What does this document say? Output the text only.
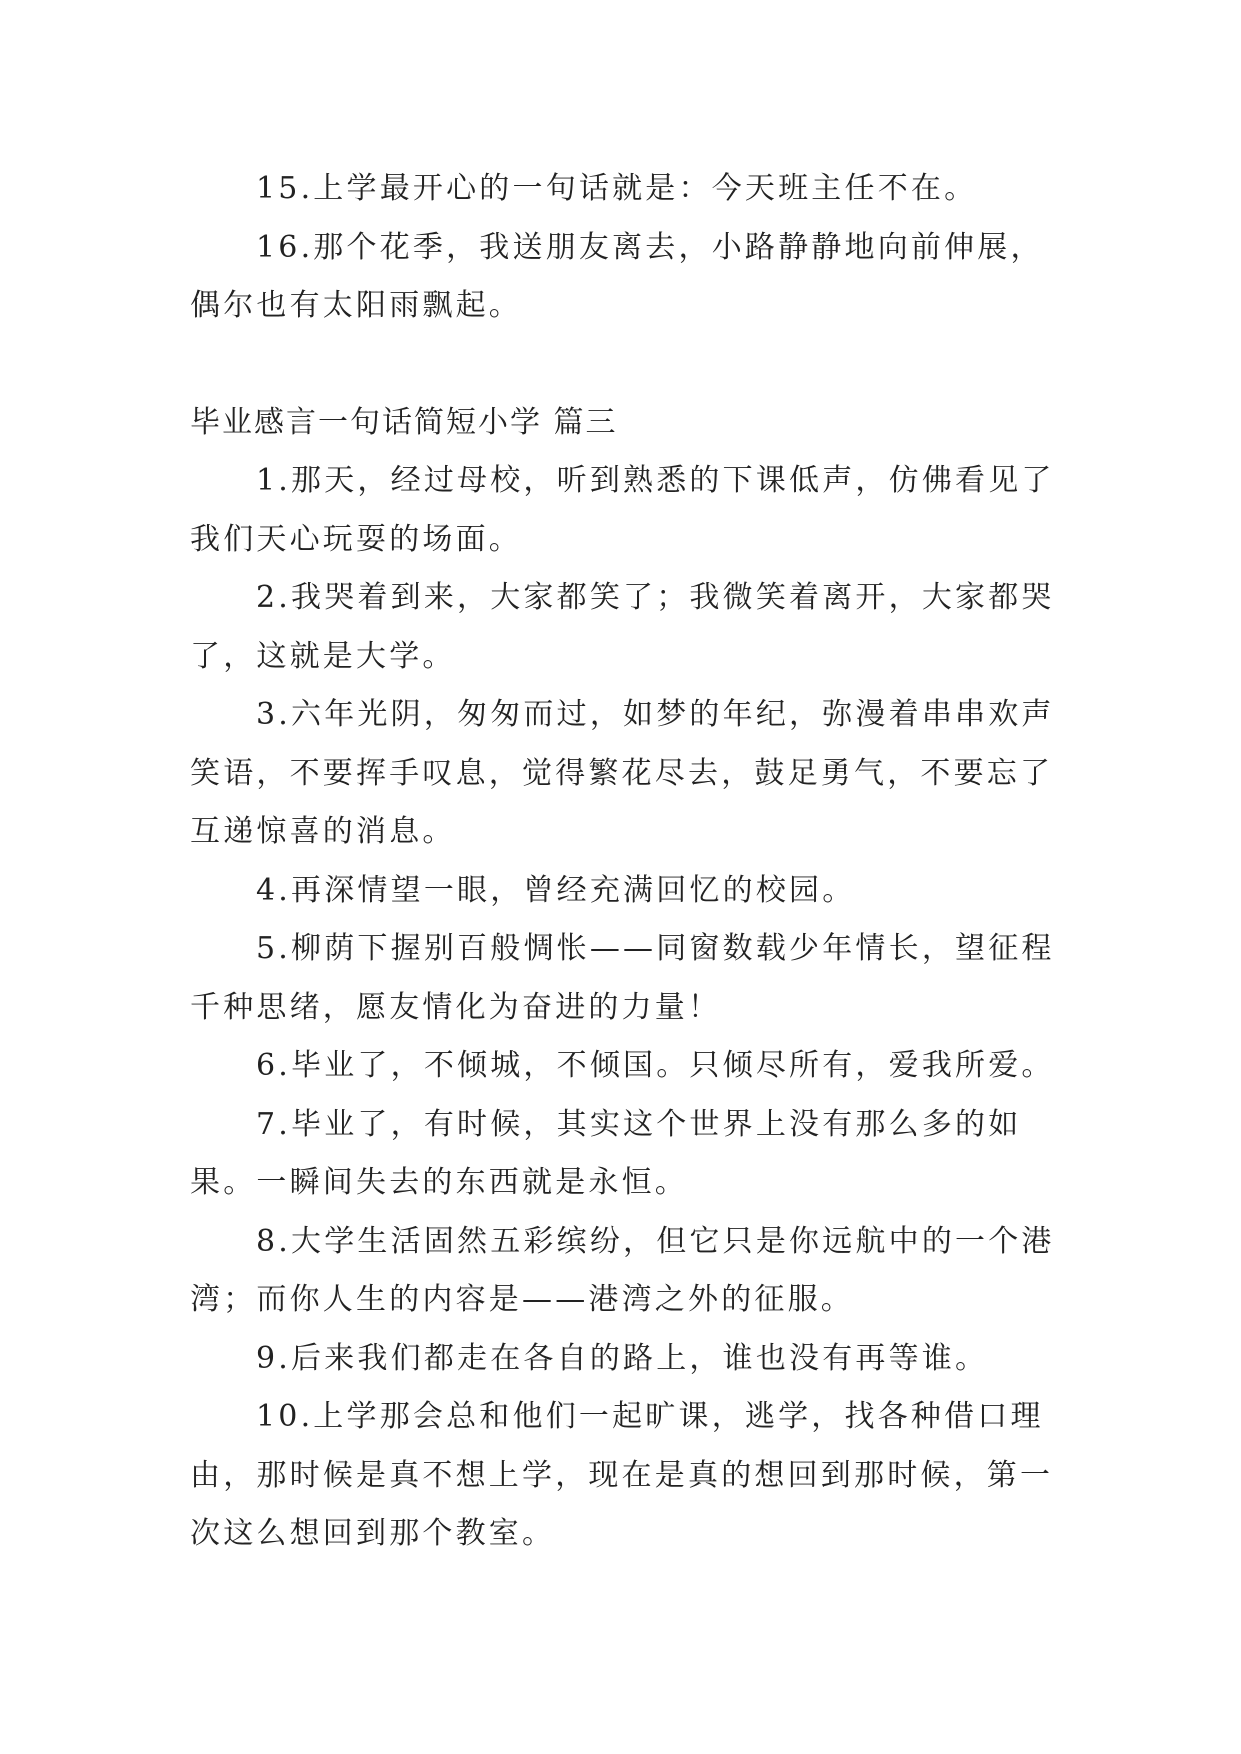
15.上学最开心的一句话就是：今天班主任不在。

16.那个花季，我送朋友离去，小路静静地向前伸展，偶尔也有太阳雨飘起。

毕业感言一句话简短小学 篇三

1.那天，经过母校，听到熟悉的下课低声，仿佛看见了我们天心玩耍的场面。

2.我哭着到来，大家都笑了；我微笑着离开，大家都哭了，这就是大学。

3.六年光阴，匆匆而过，如梦的年纪，弥漫着串串欢声笑语，不要挥手叹息，觉得繁花尽去，鼓足勇气，不要忘了互递惊喜的消息。

4.再深情望一眼，曾经充满回忆的校园。

5.柳荫下握别百般惆怅——同窗数载少年情长，望征程千种思绪，愿友情化为奋进的力量！

6.毕业了，不倾城，不倾国。只倾尽所有，爱我所爱。

7.毕业了，有时候，其实这个世界上没有那么多的如果。一瞬间失去的东西就是永恒。

8.大学生活固然五彩缤纷，但它只是你远航中的一个港湾；而你人生的内容是——港湾之外的征服。

9.后来我们都走在各自的路上，谁也没有再等谁。

10.上学那会总和他们一起旷课，逃学，找各种借口理由，那时候是真不想上学，现在是真的想回到那时候，第一次这么想回到那个教室。
